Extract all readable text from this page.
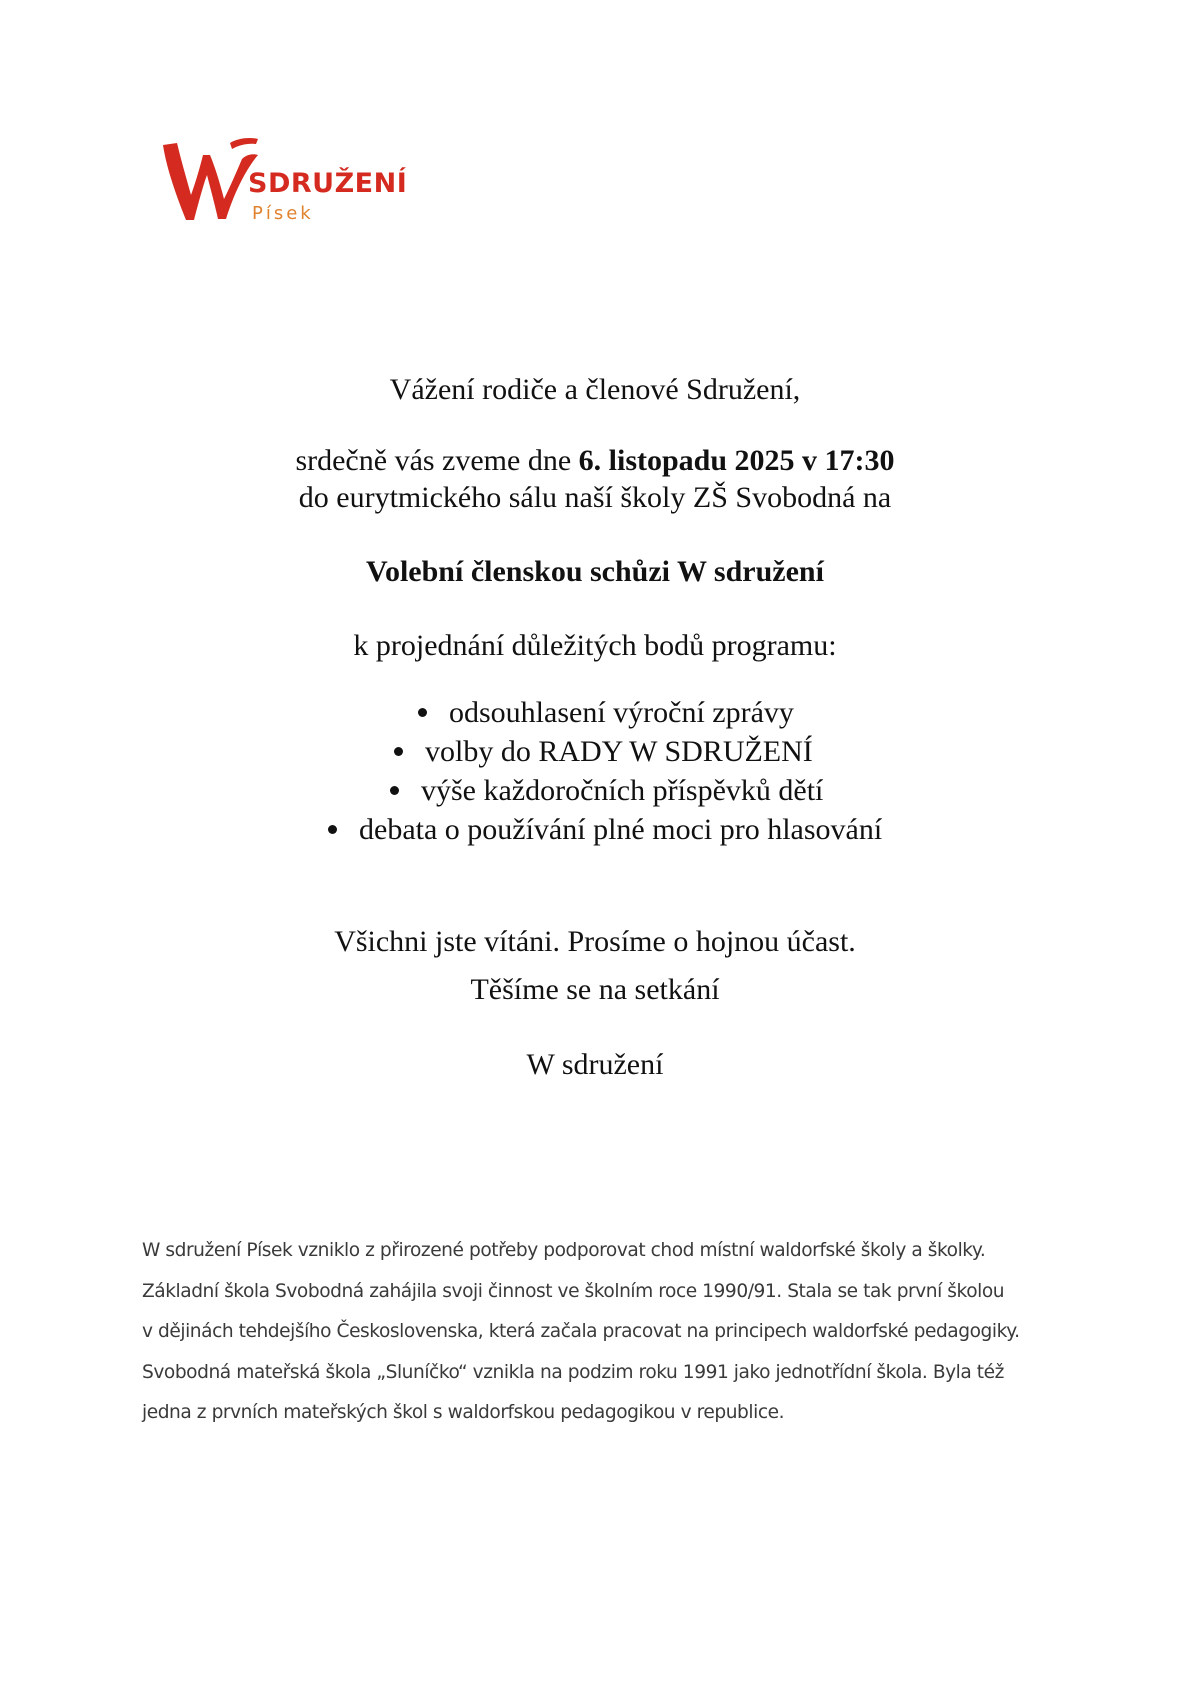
SDRUŽENÍ
Písek
Vážení rodiče a členové Sdružení,
srdečně vás zveme dne 6. listopadu 2025 v 17:30
do eurytmického sálu naší školy ZŠ Svobodná na
Volební členskou schůzi W sdružení
k projednání důležitých bodů programu:
odsouhlasení výroční zprávy
volby do RADY W SDRUŽENÍ
výše každoročních příspěvků dětí
debata o používání plné moci pro hlasování
Všichni jste vítáni. Prosíme o hojnou účast.
Těšíme se na setkání
W sdružení
W sdružení Písek vzniklo z přirozené potřeby podporovat chod místní waldorfské školy a školky.
Základní škola Svobodná zahájila svoji činnost ve školním roce 1990/91. Stala se tak první školou
v dějinách tehdejšího Československa, která začala pracovat na principech waldorfské pedagogiky.
Svobodná mateřská škola „Sluníčko“ vznikla na podzim roku 1991 jako jednotřídní škola. Byla též
jedna z prvních mateřských škol s waldorfskou pedagogikou v republice.
